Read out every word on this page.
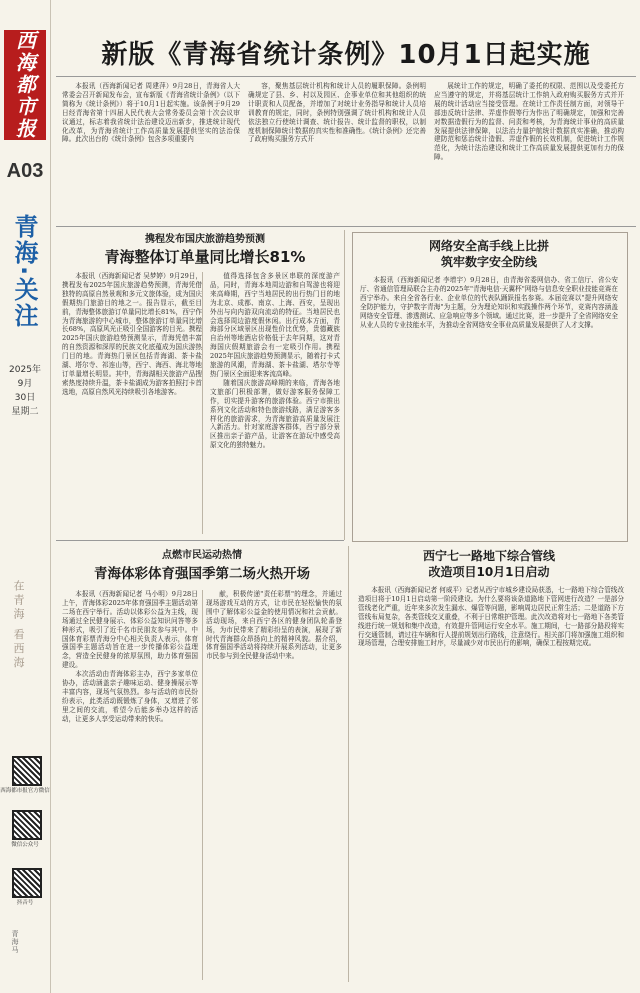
西海都市报
A03
青海·关注
2025年
9月
30日
星期二
在青海 看西海
西海都市报官方微信
微信公众号
抖音号
青海马
新版《青海省统计条例》10月1日起实施

本报讯（西海新闻记者 周建萍）9月28日，青海省人大常委会召开新闻发布会，宣布新版《青海省统计条例》（以下简称为《统计条例》）将于10月1日起实施。该条例于9月29日经青海省第十四届人民代表大会常务委员会第十次会议审议通过，标志着我省统计法治建设迈出新步，推进统计现代化改革，为青海省统计工作高质量发展提供坚实的法治保障。此次出台的《统计条例》包含多项重要内

容，聚焦基层统计机构和统计人员的履职保障。条例明确规定了县、乡、村以及园区、企事业单位和其他组织的统计职责和人员配备，并增加了对统计业务指导和统计人员培训教育的规定，同时，条例特别强调了统计机构和统计人员依法独立行使统计调查、统计报告、统计监督的职权，以制度机制保障统计数据的真实性和准确性。《统计条例》还完善了政府购买服务方式开

展统计工作的规定，明确了委托的权限、范围以及受委托方应当遵守的规定，并将基层统计工作纳入政府购买服务方式并开展的统计活动应当接受管理。在统计工作责任制方面，对领导干部违反统计法律、弄虚作假等行为作出了明确规定，加强和完善对数据造假行为的监督、问责和考核，为青海统计事业的高质量发展提供法律保障，以法治力量护航统计数据真实准确，推动构建防范和惩治统计造假、弄虚作假的长效机制，促进统计工作规范化，为统计法治建设和统计工作高质量发展提供更加有力的保障。

携程发布国庆旅游趋势预测
青海整体订单量同比增长81%

本报讯（西海新闻记者 吴梦婷）9月29日，携程发布2025年国庆旅游趋势预测，青海凭借独特的高原自然景观和多元文旅体验，成为国庆假期热门旅游目的地之一。报告显示，截至目前，青海整体旅游订单量同比增长81%，西宁作为青海旅游的中心城市，整体旅游订单量同比增长68%，高原风光正吸引全国游客的目光。携程2025年国庆旅游趋势预测显示，青海凭借丰富的自然资源和深厚的民族文化底蕴成为国庆游热门目的地。青海热门景区包括青海湖、茶卡盐湖、塔尔寺、祁连山等，西宁、海西、海北等地订单量增长明显。其中，青海湖相关旅游产品搜索热度持续升温，茶卡盐湖成为游客拍照打卡首选地，高原自然风光持续吸引各地游客。

值得选择包含多景区串联的深度游产品，同时，青海本地周边游和自驾游也将迎来高峰期，西宁当地居民的出行热门目的地为北京、成都、南京、上海、西安，呈现出外出与向内游双向流动的特征。当地居民也会选择周边游度假休闲。出行成本方面，青海部分区域景区出现性价比优势，贵德藏族自治州等地酒店价格低于去年同期，这对青海国庆假期旅游会有一定吸引作用。携程2025年国庆旅游趋势预测显示，随着打卡式旅游的风潮，青海湖、茶卡盐湖、塔尔寺等热门景区全面迎来客流高峰。

随着国庆旅游高峰期的来临，青海各地文旅部门积极部署，做好游客服务保障工作，切实提升游客的旅游体验。西宁市推出系列文化活动和特色旅游线路，满足游客多样化的旅游需求，为青海旅游高质量发展注入新活力。针对家庭游客群体，西宁部分景区推出亲子游产品，让游客在游玩中感受高原文化的独特魅力。

网络安全高手线上比拼
筑牢数字安全防线

本报讯（西海新闻记者 李增宇）9月28日，由青海省委网信办、省工信厅、省公安厅、省通信管理局联合主办的2025年"青海电信·天翼杯"网络与信息安全职业技能竞赛在西宁举办。来自全省各行业、企业单位的代表队踊跃报名参赛。本届竞赛以"提升网络安全防护能力，守护数字青海"为主题，分为理论知识和实践操作两个环节，竞赛内容涵盖网络安全管理、渗透测试、应急响应等多个领域。通过比赛，进一步提升了全省网络安全从业人员的专业技能水平，为推动全省网络安全事业高质量发展提供了人才支撑。

西宁七一路地下综合管线
改造项目10月1日启动

本报讯（西海新闻记者 何威平）记者从西宁市城乡建设局获悉，七一路地下综合管线改造项目将于10月1日启动第一阶段建设。为什么要将该条道路地下管网进行改造？一是部分管线老化严重，近年来多次发生漏水、爆管等问题，影响周边居民正常生活；二是道路下方管线布局复杂，各类管线交叉重叠，不利于日常维护管理。此次改造将对七一路地下各类管线进行统一规划和集中改造，有效提升管网运行安全水平。施工期间，七一路部分路段将实行交通管制，请过往车辆和行人提前规划出行路线，注意绕行。相关部门将加强施工组织和现场管理，合理安排施工时序，尽量减少对市民出行的影响，确保工程按期完成。

点燃市民运动热情
青海体彩体育强国季第二场火热开场

本报讯（西海新闻记者 马小明）9月28日上午，青海体彩2025年体育强国季主题活动第二场在西宁举行。活动以体彩公益为主线，现场通过全民健身展示、体彩公益知识问答等多种形式，吸引了近千名市民朋友参与其中。中国体育彩票青海分中心相关负责人表示，体育强国季主题活动旨在进一步传播体彩公益理念，营造全民健身的浓厚氛围，助力体育强国建设。

本次活动由青海体彩主办，西宁多家单位协办，活动涵盖亲子趣味运动、健身操展示等丰富内容，现场气氛热烈。参与活动的市民纷纷表示，此类活动既锻炼了身体，又增进了邻里之间的交流，希望今后能多举办这样的活动，让更多人享受运动带来的快乐。

献，积极传递"责任彩票"的理念，并通过现场游戏互动的方式，让市民在轻松愉快的氛围中了解体彩公益金的使用情况和社会贡献。活动现场，来自西宁各区的健身团队轮番登场，为市民带来了精彩纷呈的表演，展现了新时代青海群众昂扬向上的精神风貌。据介绍，体育强国季活动将持续开展系列活动，让更多市民参与到全民健身活动中来。
